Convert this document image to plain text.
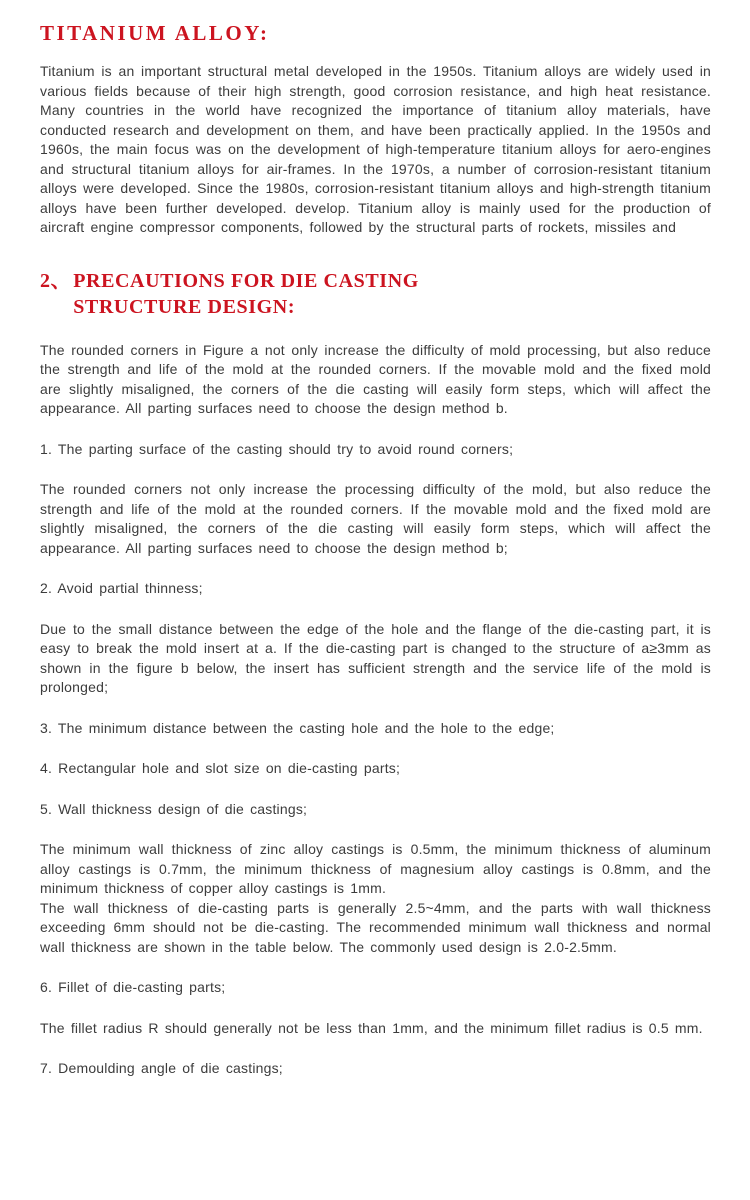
TITANIUM ALLOY:

Titanium is an important structural metal developed in the 1950s. Titanium alloys are widely used in various fields because of their high strength, good corrosion resistance, and high heat resistance. Many countries in the world have recognized the importance of titanium alloy materials, have conducted research and development on them, and have been practically applied. In the 1950s and 1960s, the main focus was on the development of high-temperature titanium alloys for aero-engines and structural titanium alloys for air-frames. In the 1970s, a number of corrosion-resistant titanium alloys were developed. Since the 1980s, corrosion-resistant titanium alloys and high-strength titanium alloys have been further developed. develop. Titanium alloy is mainly used for the production of aircraft engine compressor components, followed by the structural parts of rockets, missiles and

2、 PRECAUTIONS FOR DIE CASTING
STRUCTURE DESIGN:

The rounded corners in Figure a not only increase the difficulty of mold processing, but also reduce the strength and life of the mold at the rounded corners. If the movable mold and the fixed mold are slightly misaligned, the corners of the die casting will easily form steps, which will affect the appearance. All parting surfaces need to choose the design method b.

1. The parting surface of the casting should try to avoid round corners;

The rounded corners not only increase the processing difficulty of the mold, but also reduce the strength and life of the mold at the rounded corners. If the movable mold and the fixed mold are slightly misaligned, the corners of the die casting will easily form steps, which will affect the appearance. All parting surfaces need to choose the design method b;

2. Avoid partial thinness;

Due to the small distance between the edge of the hole and the flange of the die-casting part, it is easy to break the mold insert at a. If the die-casting part is changed to the structure of a≥3mm as shown in the figure b below, the insert has sufficient strength and the service life of the mold is prolonged;

3. The minimum distance between the casting hole and the hole to the edge;

4. Rectangular hole and slot size on die-casting parts;

5. Wall thickness design of die castings;

The minimum wall thickness of zinc alloy castings is 0.5mm, the minimum thickness of aluminum alloy castings is 0.7mm, the minimum thickness of magnesium alloy castings is 0.8mm, and the minimum thickness of copper alloy castings is 1mm.

The wall thickness of die-casting parts is generally 2.5~4mm, and the parts with wall thickness exceeding 6mm should not be die-casting. The recommended minimum wall thickness and normal wall thickness are shown in the table below. The commonly used design is 2.0-2.5mm.

6. Fillet of die-casting parts;

The fillet radius R should generally not be less than 1mm, and the minimum fillet radius is 0.5 mm.

7. Demoulding angle of die castings;
